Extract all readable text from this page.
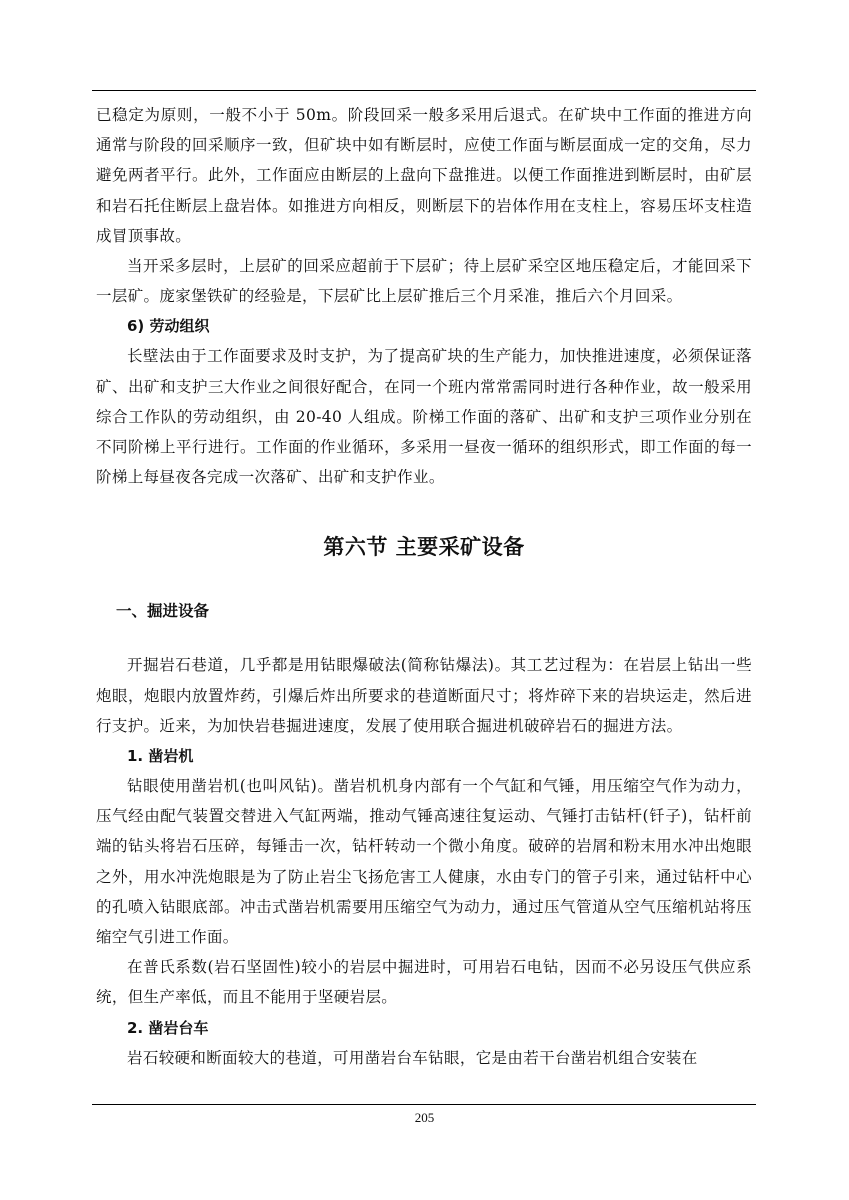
已稳定为原则，一般不小于 50m。阶段回采一般多采用后退式。在矿块中工作面的推进方向通常与阶段的回采顺序一致，但矿块中如有断层时，应使工作面与断层面成一定的交角，尽力避免两者平行。此外，工作面应由断层的上盘向下盘推进。以便工作面推进到断层时，由矿层和岩石托住断层上盘岩体。如推进方向相反，则断层下的岩体作用在支柱上，容易压坏支柱造成冒顶事故。

当开采多层时，上层矿的回采应超前于下层矿；待上层矿采空区地压稳定后，才能回采下一层矿。庞家堡铁矿的经验是，下层矿比上层矿推后三个月采准，推后六个月回采。

6) 劳动组织

长壁法由于工作面要求及时支护，为了提高矿块的生产能力，加快推进速度，必须保证落矿、出矿和支护三大作业之间很好配合，在同一个班内常常需同时进行各种作业，故一般采用综合工作队的劳动组织，由 20-40 人组成。阶梯工作面的落矿、出矿和支护三项作业分别在不同阶梯上平行进行。工作面的作业循环，多采用一昼夜一循环的组织形式，即工作面的每一阶梯上每昼夜各完成一次落矿、出矿和支护作业。

第六节 主要采矿设备
一、掘进设备

开掘岩石巷道，几乎都是用钻眼爆破法(简称钻爆法)。其工艺过程为：在岩层上钻出一些炮眼，炮眼内放置炸药，引爆后炸出所要求的巷道断面尺寸；将炸碎下来的岩块运走，然后进行支护。近来，为加快岩巷掘进速度，发展了使用联合掘进机破碎岩石的掘进方法。

1. 凿岩机

钻眼使用凿岩机(也叫风钻)。凿岩机机身内部有一个气缸和气锤，用压缩空气作为动力，压气经由配气装置交替进入气缸两端，推动气锤高速往复运动、气锤打击钻杆(钎子)，钻杆前端的钻头将岩石压碎，每锤击一次，钻杆转动一个微小角度。破碎的岩屑和粉末用水冲出炮眼之外，用水冲洗炮眼是为了防止岩尘飞扬危害工人健康，水由专门的管子引来，通过钻杆中心的孔喷入钻眼底部。冲击式凿岩机需要用压缩空气为动力，通过压气管道从空气压缩机站将压缩空气引进工作面。

在普氏系数(岩石坚固性)较小的岩层中掘进时，可用岩石电钻，因而不必另设压气供应系统，但生产率低，而且不能用于坚硬岩层。

2. 凿岩台车

岩石较硬和断面较大的巷道，可用凿岩台车钻眼，它是由若干台凿岩机组合安装在

205
